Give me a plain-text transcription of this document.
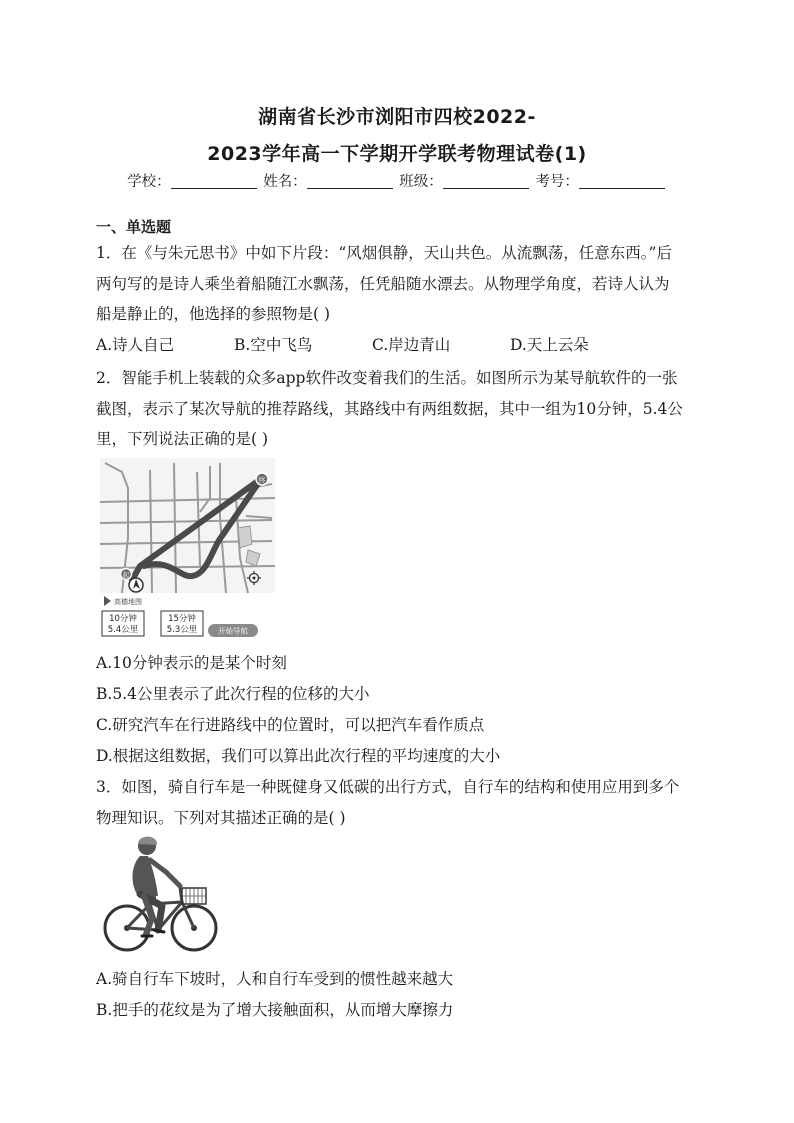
湖南省长沙市浏阳市四校2022-
2023学年高一下学期开学联考物理试卷(1)
学校：	姓名：	班级：	考号：
一、单选题
1．在《与朱元思书》中如下片段：“风烟俱静，天山共色。从流飘荡，任意东西。”后
两句写的是诗人乘坐着船随江水飘荡，任凭船随水漂去。从物理学角度，若诗人认为
船是静止的，他选择的参照物是( )
A.诗人自己	B.空中飞鸟	C.岸边青山	D.天上云朵
2．智能手机上装载的众多app软件改变着我们的生活。如图所示为某导航软件的一张
截图，表示了某次导航的推荐路线，其路线中有两组数据，其中一组为10分钟，5.4公
里，下列说法正确的是( )
终
起
高德地图
10分钟
5.4公里
15分钟
5.3公里	开始导航
A.10分钟表示的是某个时刻
B.5.4公里表示了此次行程的位移的大小
C.研究汽车在行进路线中的位置时，可以把汽车看作质点
D.根据这组数据，我们可以算出此次行程的平均速度的大小
3．如图，骑自行车是一种既健身又低碳的出行方式，自行车的结构和使用应用到多个
物理知识。下列对其描述正确的是( )
A.骑自行车下坡时，人和自行车受到的惯性越来越大
B.把手的花纹是为了增大接触面积，从而增大摩擦力
